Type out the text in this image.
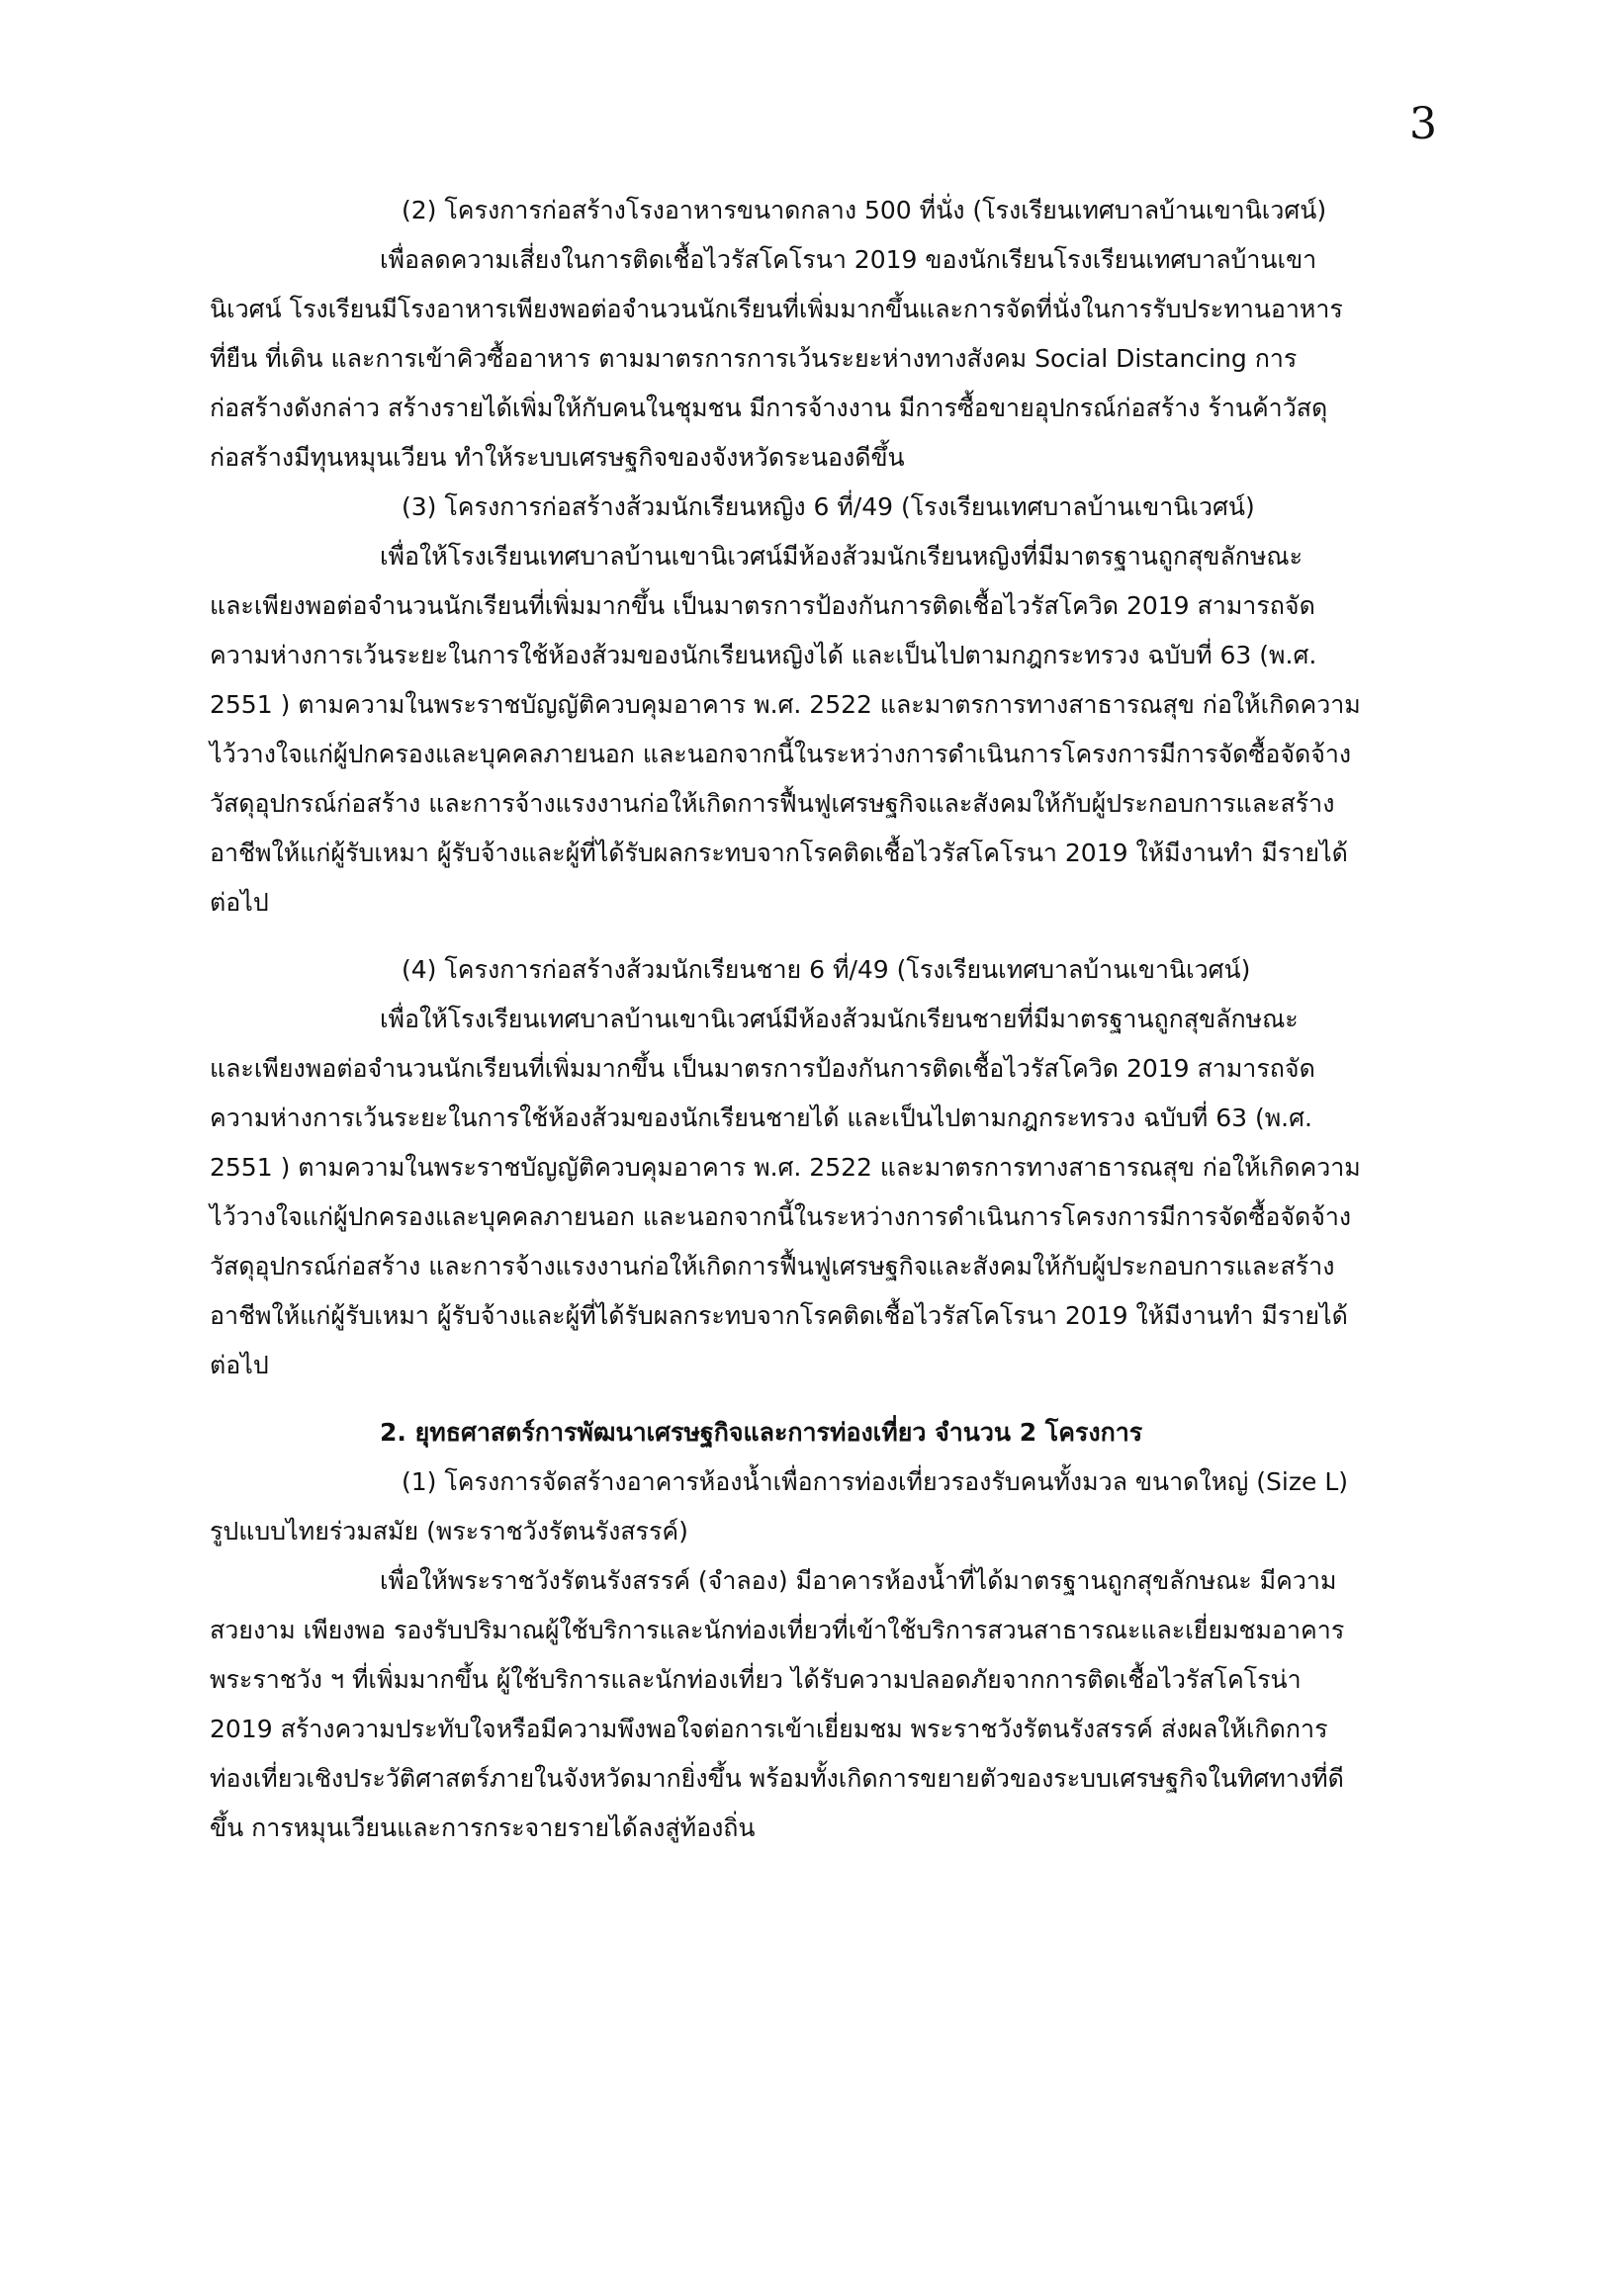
3
(2) โครงการก่อสร้างโรงอาหารขนาดกลาง 500 ที่นั่ง (โรงเรียนเทศบาลบ้านเขานิเวศน์)
เพื่อลดความเสี่ยงในการติดเชื้อไวรัสโคโรนา 2019 ของนักเรียนโรงเรียนเทศบาลบ้านเขา
นิเวศน์ โรงเรียนมีโรงอาหารเพียงพอต่อจำนวนนักเรียนที่เพิ่มมากขึ้นและการจัดที่นั่งในการรับประทานอาหาร
ที่ยืน ที่เดิน และการเข้าคิวซื้ออาหาร ตามมาตรการการเว้นระยะห่างทางสังคม Social Distancing การ
ก่อสร้างดังกล่าว สร้างรายได้เพิ่มให้กับคนในชุมชน มีการจ้างงาน มีการซื้อขายอุปกรณ์ก่อสร้าง ร้านค้าวัสดุ
ก่อสร้างมีทุนหมุนเวียน ทำให้ระบบเศรษฐกิจของจังหวัดระนองดีขึ้น
(3) โครงการก่อสร้างส้วมนักเรียนหญิง 6 ที่/49 (โรงเรียนเทศบาลบ้านเขานิเวศน์)
เพื่อให้โรงเรียนเทศบาลบ้านเขานิเวศน์มีห้องส้วมนักเรียนหญิงที่มีมาตรฐานถูกสุขลักษณะ
และเพียงพอต่อจำนวนนักเรียนที่เพิ่มมากขึ้น เป็นมาตรการป้องกันการติดเชื้อไวรัสโควิด 2019 สามารถจัด
ความห่างการเว้นระยะในการใช้ห้องส้วมของนักเรียนหญิงได้ และเป็นไปตามกฎกระทรวง ฉบับที่ 63 (พ.ศ.
2551 ) ตามความในพระราชบัญญัติควบคุมอาคาร พ.ศ. 2522 และมาตรการทางสาธารณสุข ก่อให้เกิดความ
ไว้วางใจแก่ผู้ปกครองและบุคคลภายนอก และนอกจากนี้ในระหว่างการดำเนินการโครงการมีการจัดซื้อจัดจ้าง
วัสดุอุปกรณ์ก่อสร้าง และการจ้างแรงงานก่อให้เกิดการฟื้นฟูเศรษฐกิจและสังคมให้กับผู้ประกอบการและสร้าง
อาชีพให้แก่ผู้รับเหมา ผู้รับจ้างและผู้ที่ได้รับผลกระทบจากโรคติดเชื้อไวรัสโคโรนา 2019 ให้มีงานทำ มีรายได้
ต่อไป
(4) โครงการก่อสร้างส้วมนักเรียนชาย 6 ที่/49 (โรงเรียนเทศบาลบ้านเขานิเวศน์)
เพื่อให้โรงเรียนเทศบาลบ้านเขานิเวศน์มีห้องส้วมนักเรียนชายที่มีมาตรฐานถูกสุขลักษณะ
และเพียงพอต่อจำนวนนักเรียนที่เพิ่มมากขึ้น เป็นมาตรการป้องกันการติดเชื้อไวรัสโควิด 2019 สามารถจัด
ความห่างการเว้นระยะในการใช้ห้องส้วมของนักเรียนชายได้ และเป็นไปตามกฎกระทรวง ฉบับที่ 63 (พ.ศ.
2551 ) ตามความในพระราชบัญญัติควบคุมอาคาร พ.ศ. 2522 และมาตรการทางสาธารณสุข ก่อให้เกิดความ
ไว้วางใจแก่ผู้ปกครองและบุคคลภายนอก และนอกจากนี้ในระหว่างการดำเนินการโครงการมีการจัดซื้อจัดจ้าง
วัสดุอุปกรณ์ก่อสร้าง และการจ้างแรงงานก่อให้เกิดการฟื้นฟูเศรษฐกิจและสังคมให้กับผู้ประกอบการและสร้าง
อาชีพให้แก่ผู้รับเหมา ผู้รับจ้างและผู้ที่ได้รับผลกระทบจากโรคติดเชื้อไวรัสโคโรนา 2019 ให้มีงานทำ มีรายได้
ต่อไป
2. ยุทธศาสตร์การพัฒนาเศรษฐกิจและการท่องเที่ยว จำนวน 2 โครงการ
(1) โครงการจัดสร้างอาคารห้องน้ำเพื่อการท่องเที่ยวรองรับคนทั้งมวล ขนาดใหญ่ (Size L)
รูปแบบไทยร่วมสมัย (พระราชวังรัตนรังสรรค์)
เพื่อให้พระราชวังรัตนรังสรรค์ (จำลอง) มีอาคารห้องน้ำที่ได้มาตรฐานถูกสุขลักษณะ มีความ
สวยงาม เพียงพอ รองรับปริมาณผู้ใช้บริการและนักท่องเที่ยวที่เข้าใช้บริการสวนสาธารณะและเยี่ยมชมอาคาร
พระราชวัง ฯ ที่เพิ่มมากขึ้น ผู้ใช้บริการและนักท่องเที่ยว ได้รับความปลอดภัยจากการติดเชื้อไวรัสโคโรน่า
2019 สร้างความประทับใจหรือมีความพึงพอใจต่อการเข้าเยี่ยมชม พระราชวังรัตนรังสรรค์ ส่งผลให้เกิดการ
ท่องเที่ยวเชิงประวัติศาสตร์ภายในจังหวัดมากยิ่งขึ้น พร้อมทั้งเกิดการขยายตัวของระบบเศรษฐกิจในทิศทางที่ดี
ขึ้น การหมุนเวียนและการกระจายรายได้ลงสู่ท้องถิ่น
